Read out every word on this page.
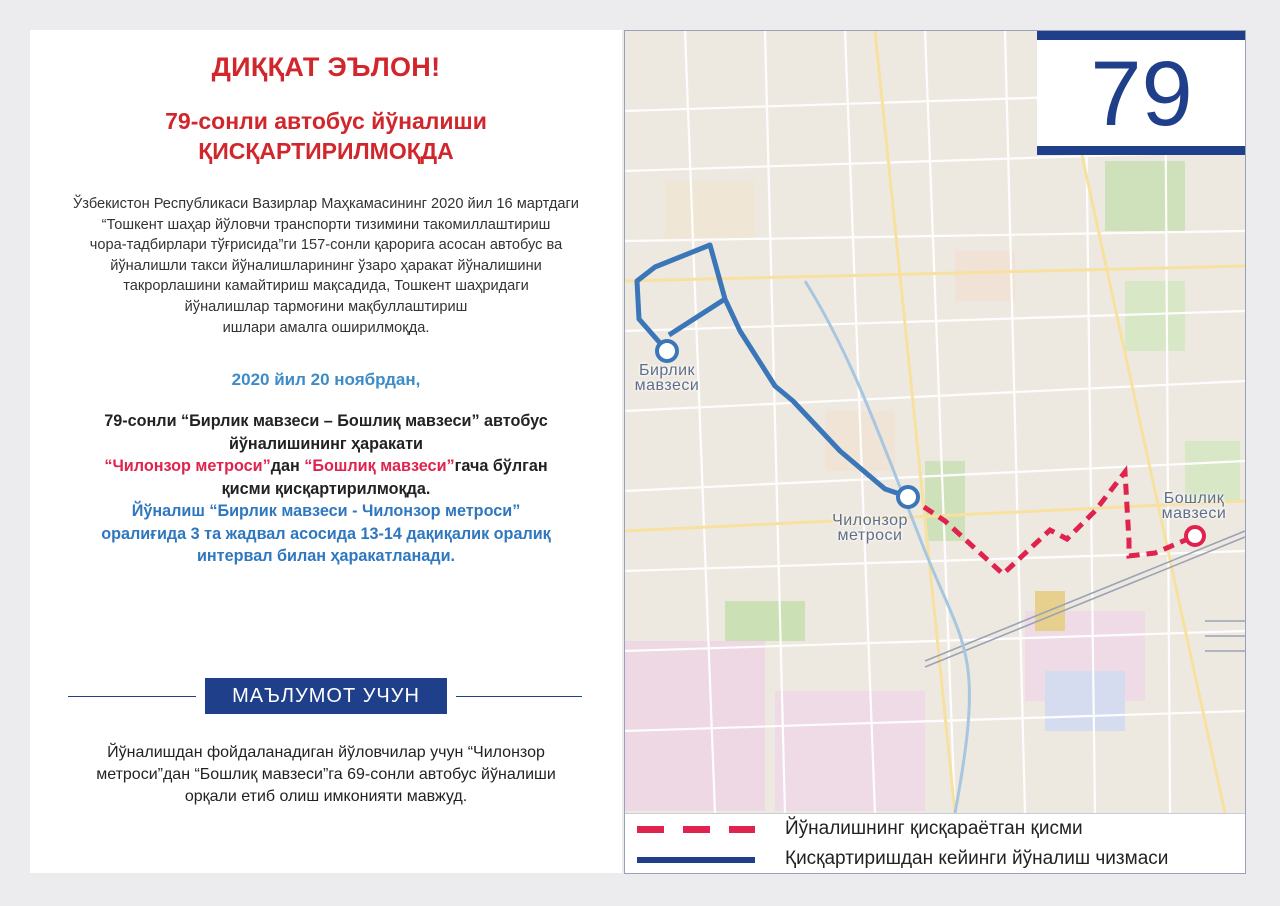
ДИҚҚАТ ЭЪЛОН!
79-сонли автобус йўналиши
ҚИСҚАРТИРИЛМОҚДА
Ўзбекистон Республикаси Вазирлар Маҳкамасининг 2020 йил 16 мартдаги
“Тошкент шаҳар йўловчи транспорти тизимини такомиллаштириш
чора-тадбирлари тўғрисида”ги 157-сонли қарорига асосан автобус ва
йўналишли такси йўналишларининг ўзаро ҳаракат йўналишини
такрорлашини камайтириш мақсадида, Тошкент шаҳридаги
йўналишлар тармоғини мақбуллаштириш
ишлари амалга оширилмоқда.
2020 йил 20 ноябрдан,
79-сонли “Бирлик мавзеси – Бошлиқ мавзеси” автобус
йўналишининг ҳаракати
“Чилонзор метроси”дан “Бошлиқ мавзеси”гача бўлган
қисми қисқартирилмоқда.
Йўналиш “Бирлик мавзеси - Чилонзор метроси”
оралиғида 3 та жадвал асосида 13-14 дақиқалик оралиқ
интервал билан ҳаракатланади.
МАЪЛУМОТ УЧУН
Йўналишдан фойдаланадиган йўловчилар учун “Чилонзор
метроси”дан “Бошлиқ мавзеси”га 69-сонли автобус йўналиши
орқали етиб олиш имконияти мавжуд.
Бирлик
мавзеси
Чилонзор
метроси
Бошлиқ
мавзеси
79
Йўналишнинг қисқараётган қисми
Қисқартиришдан кейинги йўналиш чизмаси
